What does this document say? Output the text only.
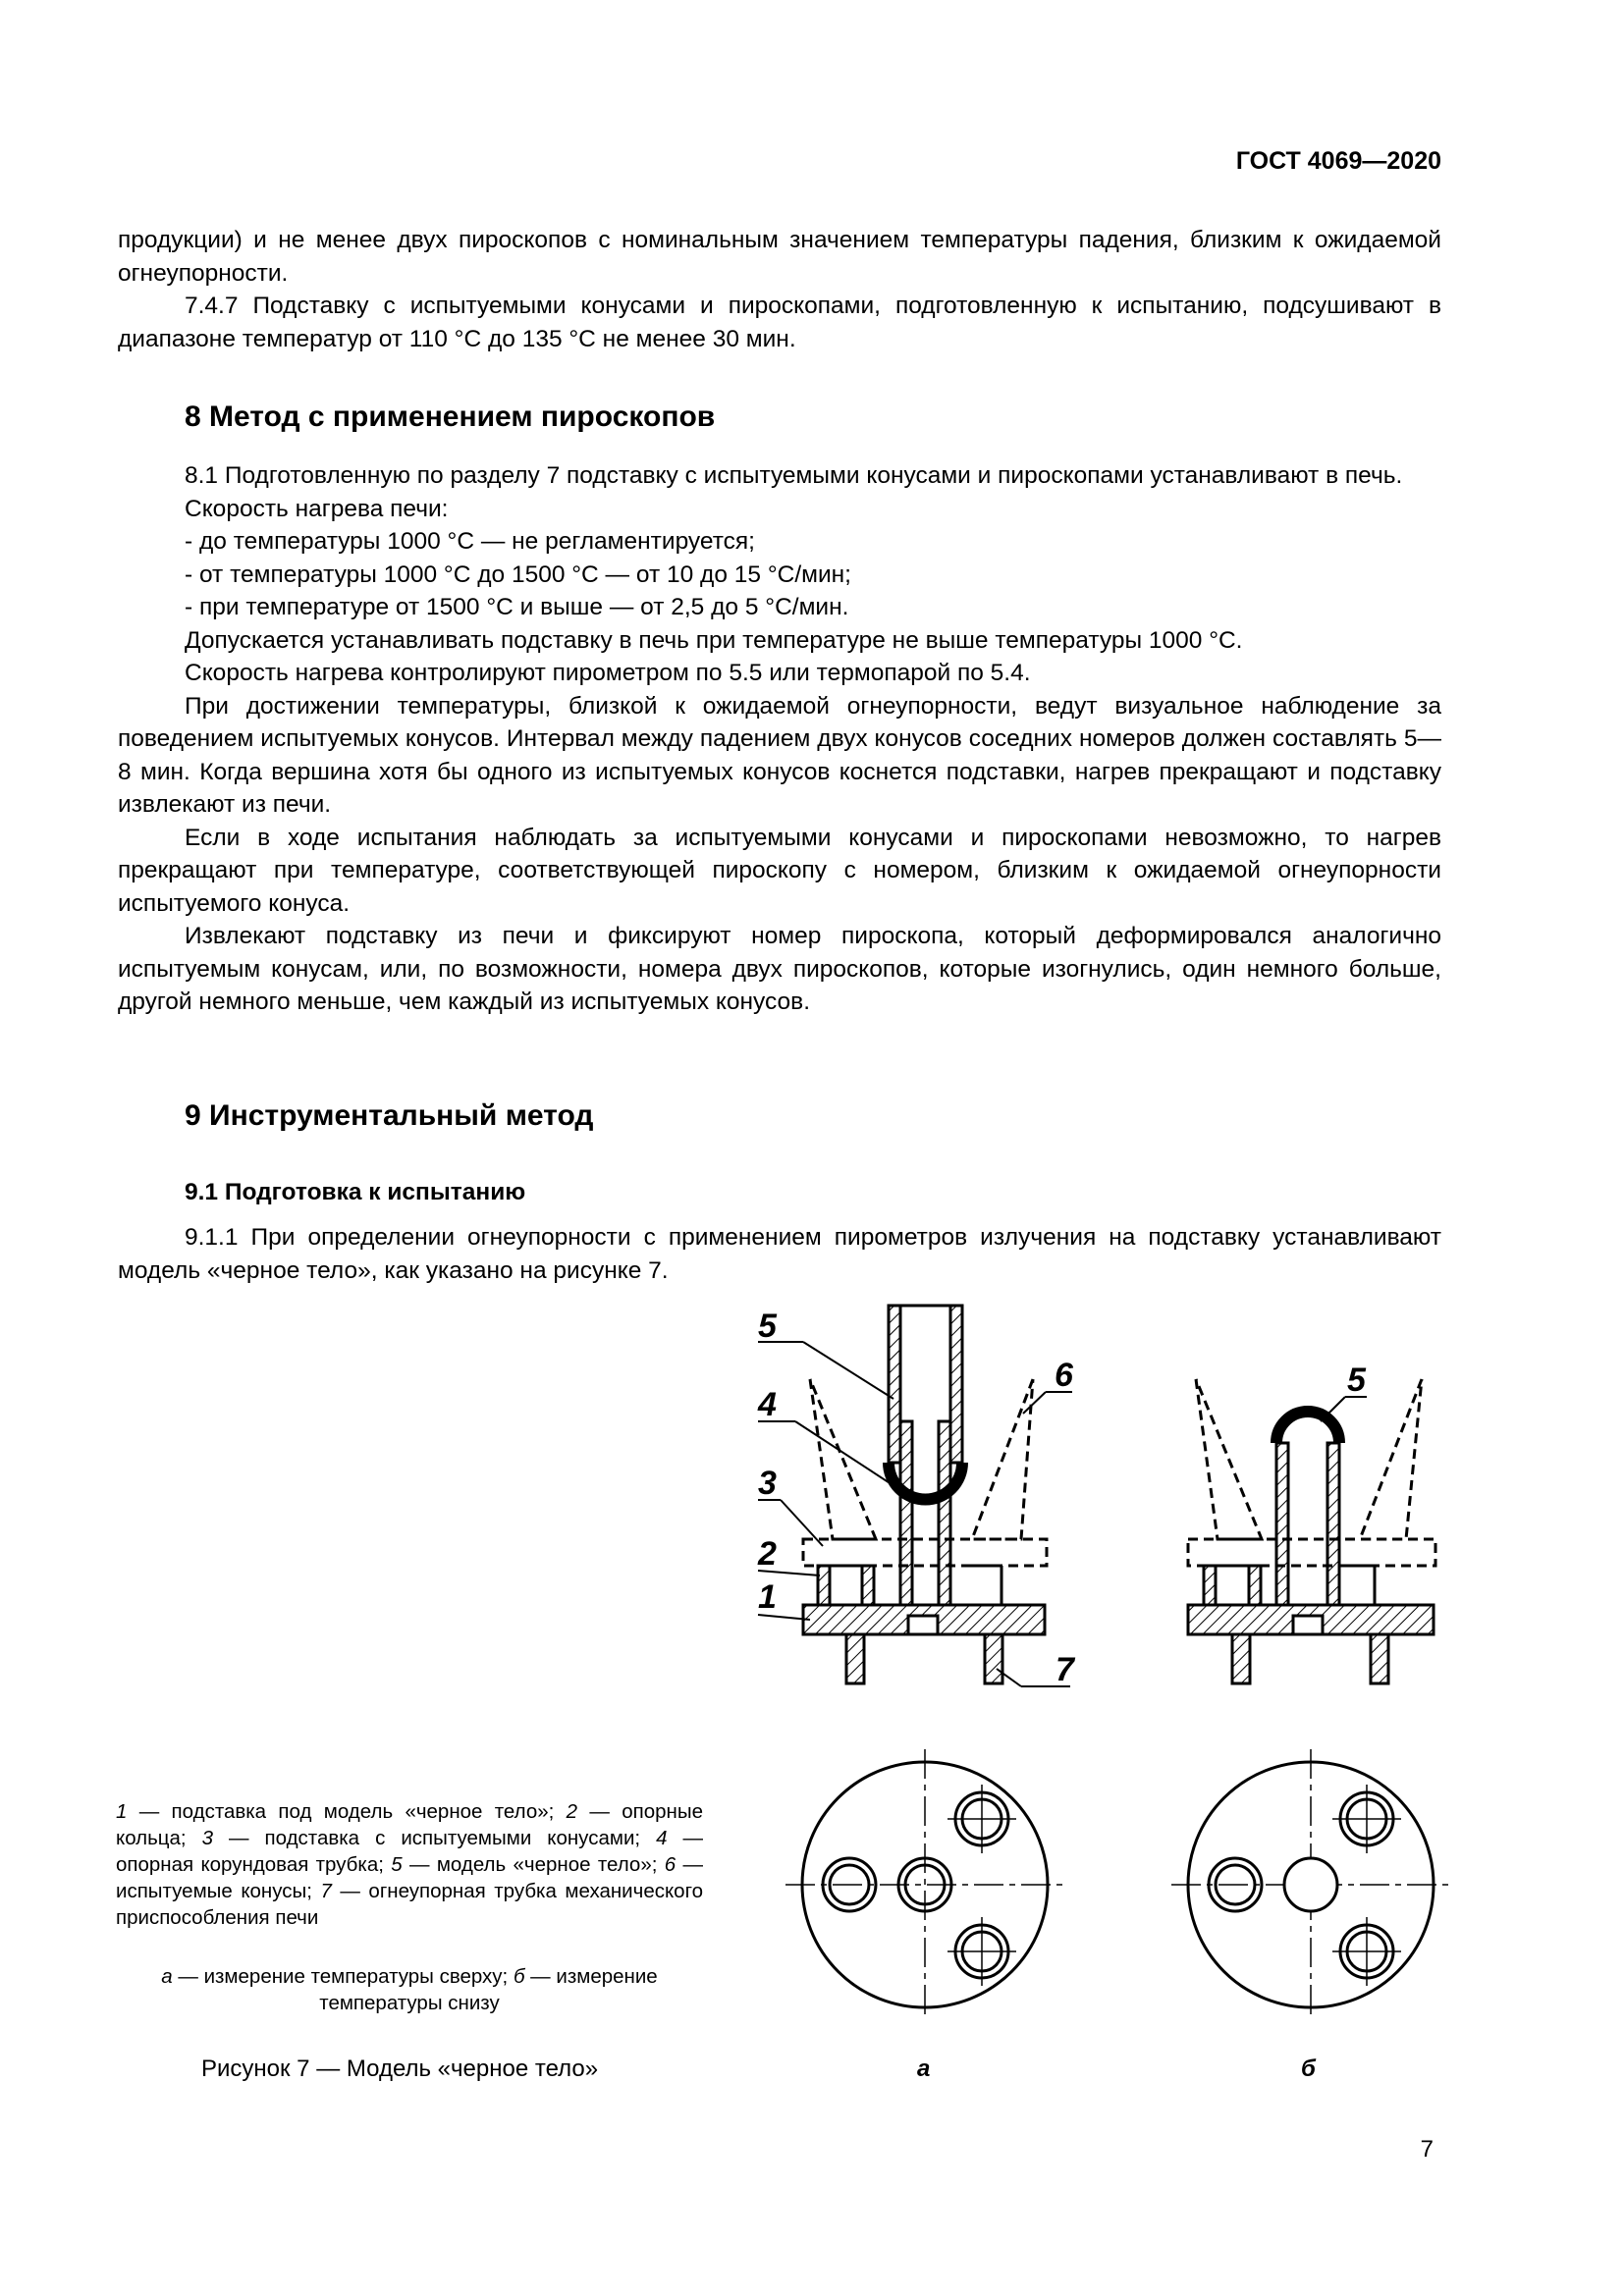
ГОСТ 4069—2020

продукции) и не менее двух пироскопов с номинальным значением температуры падения, близким к ожидаемой огнеупорности.

7.4.7 Подставку с испытуемыми конусами и пироскопами, подготовленную к испытанию, подсушивают в диапазоне температур от 110 °С до 135 °С не менее 30 мин.

8 Метод с применением пироскопов

8.1 Подготовленную по разделу 7 подставку с испытуемыми конусами и пироскопами устанавливают в печь.

Скорость нагрева печи:

- до температуры 1000 °С — не регламентируется;

- от температуры 1000 °С до 1500 °С — от 10 до 15 °С/мин;

- при температуре от 1500 °С и выше — от 2,5 до 5 °С/мин.

Допускается устанавливать подставку в печь при температуре не выше температуры 1000 °С.

Скорость нагрева контролируют пирометром по 5.5 или термопарой по 5.4.

При достижении температуры, близкой к ожидаемой огнеупорности, ведут визуальное наблюдение за поведением испытуемых конусов. Интервал между падением двух конусов соседних номеров должен составлять 5—8 мин. Когда вершина хотя бы одного из испытуемых конусов коснется подставки, нагрев прекращают и подставку извлекают из печи.

Если в ходе испытания наблюдать за испытуемыми конусами и пироскопами невозможно, то нагрев прекращают при температуре, соответствующей пироскопу с номером, близким к ожидаемой огнеупорности испытуемого конуса.

Извлекают подставку из печи и фиксируют номер пироскопа, который деформировался аналогично испытуемым конусам, или, по возможности, номера двух пироскопов, которые изогнулись, один немного больше, другой немного меньше, чем каждый из испытуемых конусов.

9 Инструментальный метод
9.1 Подготовка к испытанию

9.1.1 При определении огнеупорности с применением пирометров излучения на подставку устанавливают модель «черное тело», как указано на рисунке 7.

5
4
3
2
1
6
7
5

1 — подставка под модель «черное тело»; 2 — опорные кольца; 3 — подставка с испытуемыми конусами; 4 — опорная корундовая трубка; 5 — модель «черное тело»; 6 — испытуемые конусы; 7 — огнеупорная трубка механического приспособления печи

а — измерение температуры сверху; б — измерение температуры снизу

Рисунок 7 — Модель «черное тело»	а	б
7
